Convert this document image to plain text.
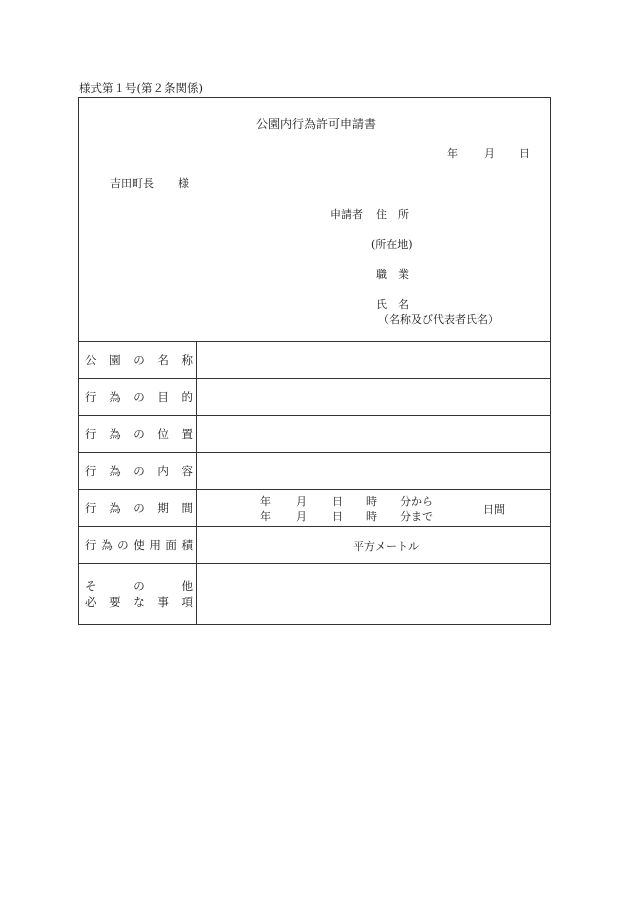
様式第１号(第２条関係)
公園内行為許可申請書
年 月 日
吉田町長 様
申請者 住　所
(所在地)
職　業
氏　名
（名称及び代表者氏名）
公 園 の 名 称
行 為 の 目 的
行 為 の 位 置
行 為 の 内 容
行 為 の 期 間
行 為 の 使 用 面 積
そ	の	他
必 要 な 事 項
年 月 日 時 分から
年 月 日 時 分まで
日間
平方メートル
